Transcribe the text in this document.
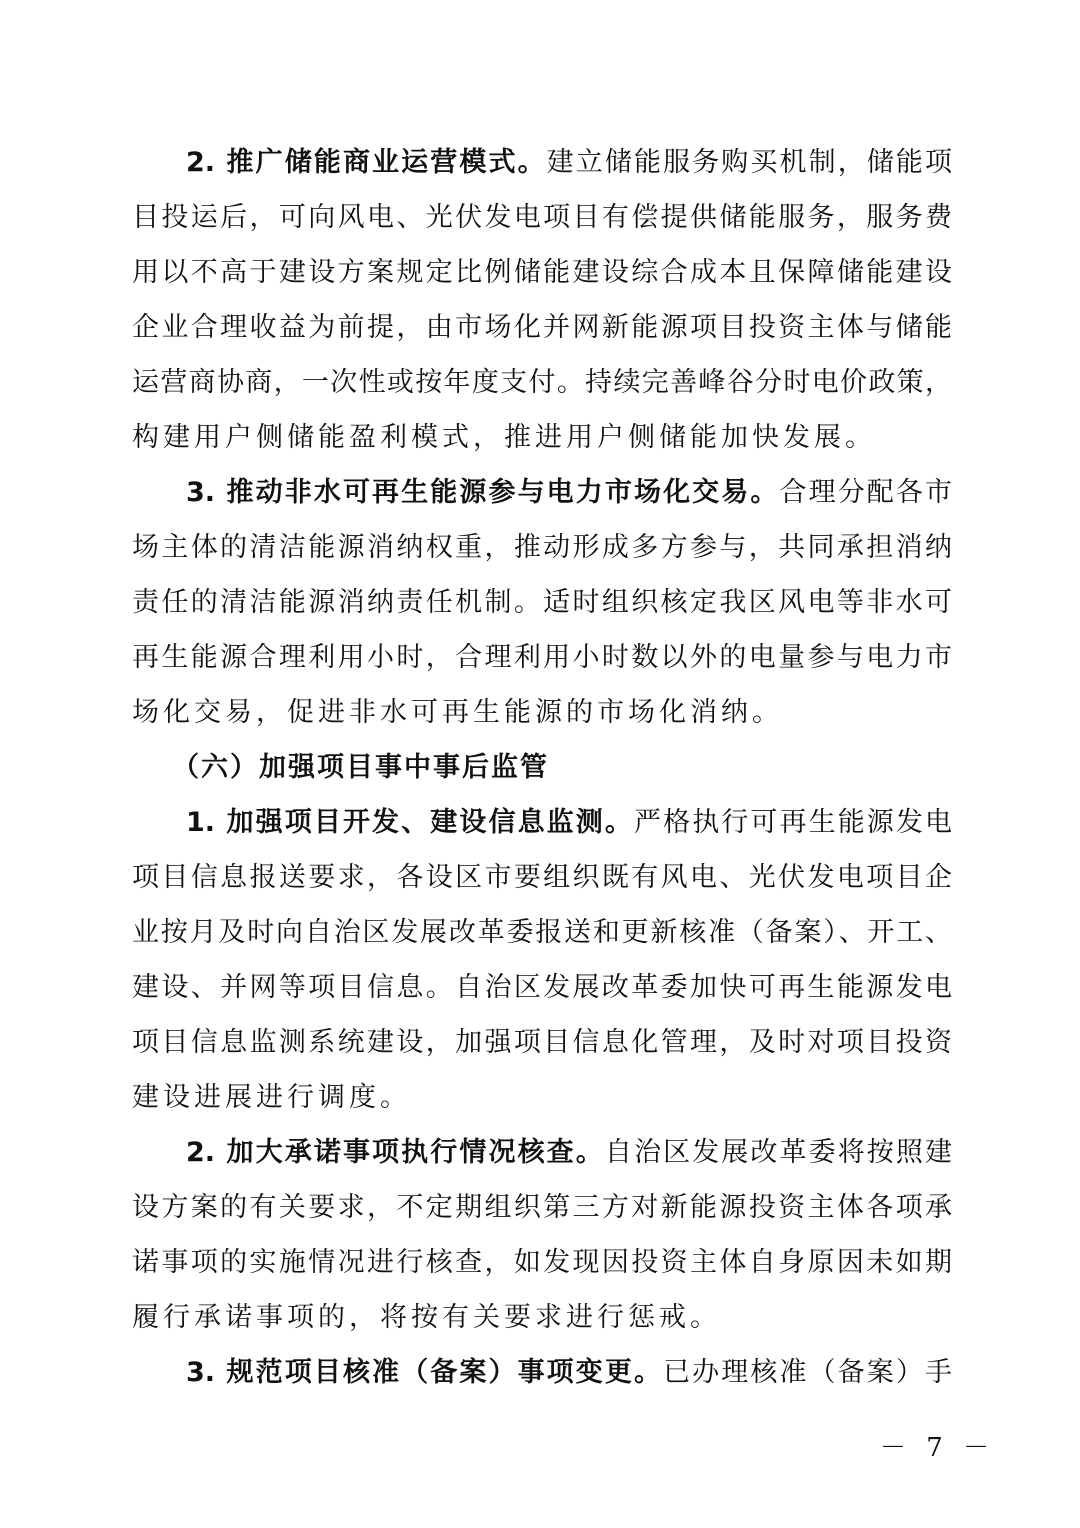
2. 推广储能商业运营模式。建立储能服务购买机制，储能项
目投运后，可向风电、光伏发电项目有偿提供储能服务，服务费
用以不高于建设方案规定比例储能建设综合成本且保障储能建设
企业合理收益为前提，由市场化并网新能源项目投资主体与储能
运营商协商，一次性或按年度支付。持续完善峰谷分时电价政策，
构建用户侧储能盈利模式，推进用户侧储能加快发展。
3. 推动非水可再生能源参与电力市场化交易。合理分配各市
场主体的清洁能源消纳权重，推动形成多方参与，共同承担消纳
责任的清洁能源消纳责任机制。适时组织核定我区风电等非水可
再生能源合理利用小时，合理利用小时数以外的电量参与电力市
场化交易，促进非水可再生能源的市场化消纳。
（六）加强项目事中事后监管
1. 加强项目开发、建设信息监测。严格执行可再生能源发电
项目信息报送要求，各设区市要组织既有风电、光伏发电项目企
业按月及时向自治区发展改革委报送和更新核准（备案）、开工、
建设、并网等项目信息。自治区发展改革委加快可再生能源发电
项目信息监测系统建设，加强项目信息化管理，及时对项目投资
建设进展进行调度。
2. 加大承诺事项执行情况核查。自治区发展改革委将按照建
设方案的有关要求，不定期组织第三方对新能源投资主体各项承
诺事项的实施情况进行核查，如发现因投资主体自身原因未如期
履行承诺事项的，将按有关要求进行惩戒。
3. 规范项目核准（备案）事项变更。已办理核准（备案）手
－ 7 －
